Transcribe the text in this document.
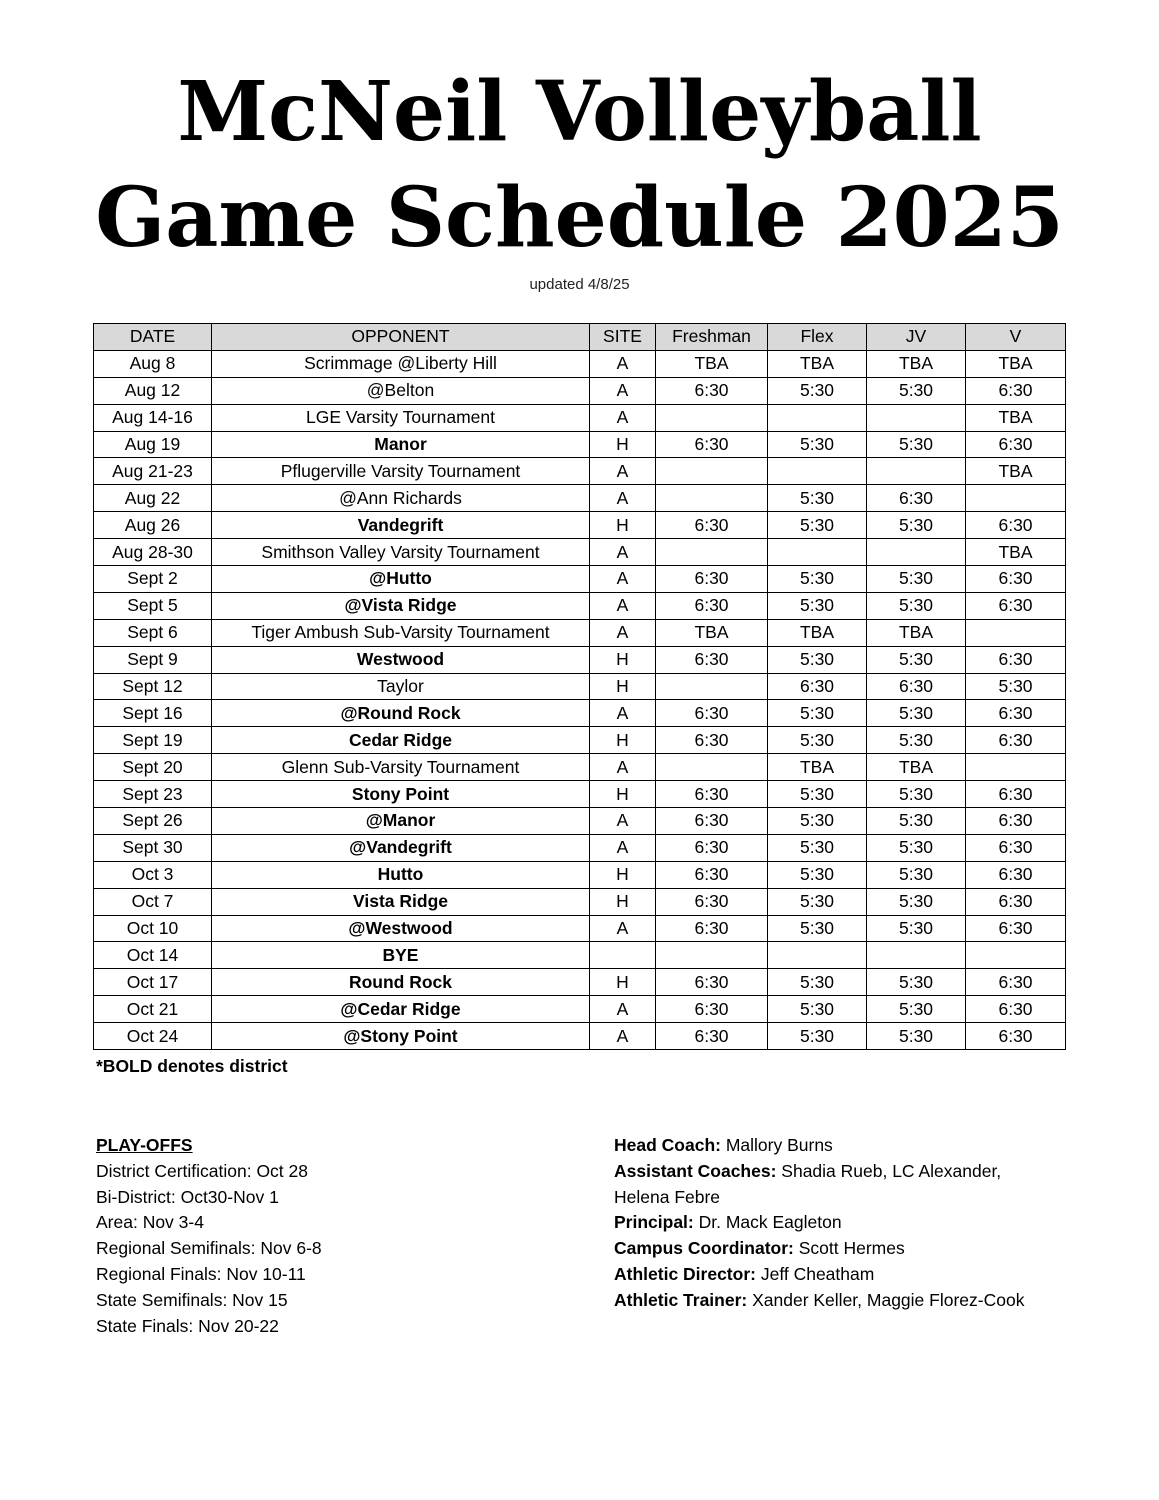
McNeil Volleyball
Game Schedule 2025
updated 4/8/25
DATE	OPPONENT	SITE	Freshman	Flex	JV	V
Aug 8	Scrimmage @Liberty Hill	A	TBA	TBA	TBA	TBA
Aug 12	@Belton	A	6:30	5:30	5:30	6:30
Aug 14-16	LGE Varsity Tournament	A				TBA
Aug 19	Manor	H	6:30	5:30	5:30	6:30
Aug 21-23	Pflugerville Varsity Tournament	A				TBA
Aug 22	@Ann Richards	A		5:30	6:30	
Aug 26	Vandegrift	H	6:30	5:30	5:30	6:30
Aug 28-30	Smithson Valley Varsity Tournament	A				TBA
Sept 2	@Hutto	A	6:30	5:30	5:30	6:30
Sept 5	@Vista Ridge	A	6:30	5:30	5:30	6:30
Sept 6	Tiger Ambush Sub-Varsity Tournament	A	TBA	TBA	TBA	
Sept 9	Westwood	H	6:30	5:30	5:30	6:30
Sept 12	Taylor	H		6:30	6:30	5:30
Sept 16	@Round Rock	A	6:30	5:30	5:30	6:30
Sept 19	Cedar Ridge	H	6:30	5:30	5:30	6:30
Sept 20	Glenn Sub-Varsity Tournament	A		TBA	TBA	
Sept 23	Stony Point	H	6:30	5:30	5:30	6:30
Sept 26	@Manor	A	6:30	5:30	5:30	6:30
Sept 30	@Vandegrift	A	6:30	5:30	5:30	6:30
Oct 3	Hutto	H	6:30	5:30	5:30	6:30
Oct 7	Vista Ridge	H	6:30	5:30	5:30	6:30
Oct 10	@Westwood	A	6:30	5:30	5:30	6:30
Oct 14	BYE					
Oct 17	Round Rock	H	6:30	5:30	5:30	6:30
Oct 21	@Cedar Ridge	A	6:30	5:30	5:30	6:30
Oct 24	@Stony Point	A	6:30	5:30	5:30	6:30
*BOLD denotes district
PLAY-OFFS
District Certification: Oct 28
Bi-District: Oct30-Nov 1
Area: Nov 3-4
Regional Semifinals: Nov 6-8
Regional Finals: Nov 10-11
State Semifinals: Nov 15
State Finals: Nov 20-22
Head Coach: Mallory Burns
Assistant Coaches: Shadia Rueb, LC Alexander,
Helena Febre
Principal: Dr. Mack Eagleton
Campus Coordinator: Scott Hermes
Athletic Director: Jeff Cheatham
Athletic Trainer: Xander Keller, Maggie Florez-Cook
